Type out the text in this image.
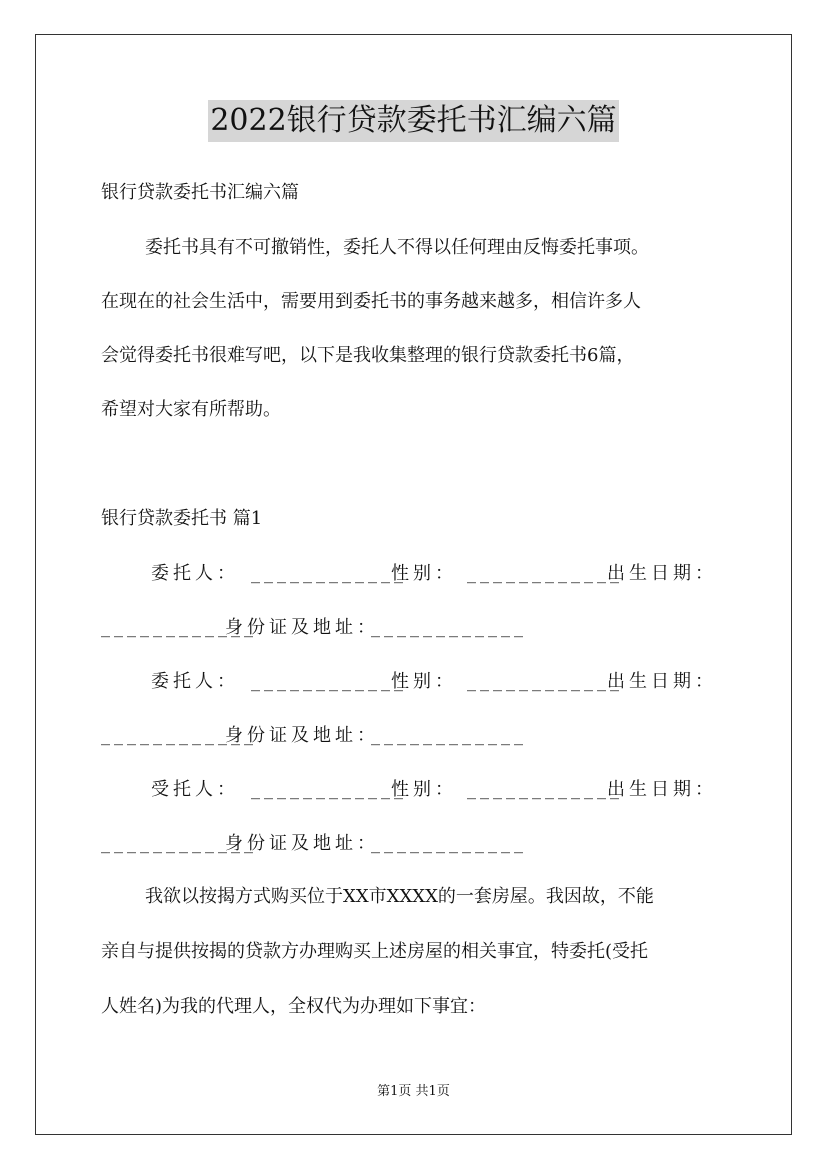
2022银行贷款委托书汇编六篇
银行贷款委托书汇编六篇
委托书具有不可撤销性，委托人不得以任何理由反悔委托事项。
在现在的社会生活中，需要用到委托书的事务越来越多，相信许多人
会觉得委托书很难写吧，以下是我收集整理的银行贷款委托书6篇，
希望对大家有所帮助。
银行贷款委托书 篇1
委托人： ____________
性别： ____________
出生日期：
____________
身份证及地址：
____________
委托人： ____________
性别： ____________
出生日期：
____________
身份证及地址：
____________
受托人： ____________
性别： ____________
出生日期：
____________
身份证及地址：
____________
我欲以按揭方式购买位于XX市XXXX的一套房屋。我因故，不能
亲自与提供按揭的贷款方办理购买上述房屋的相关事宜，特委托(受托
人姓名)为我的代理人，全权代为办理如下事宜：
第1页 共1页
